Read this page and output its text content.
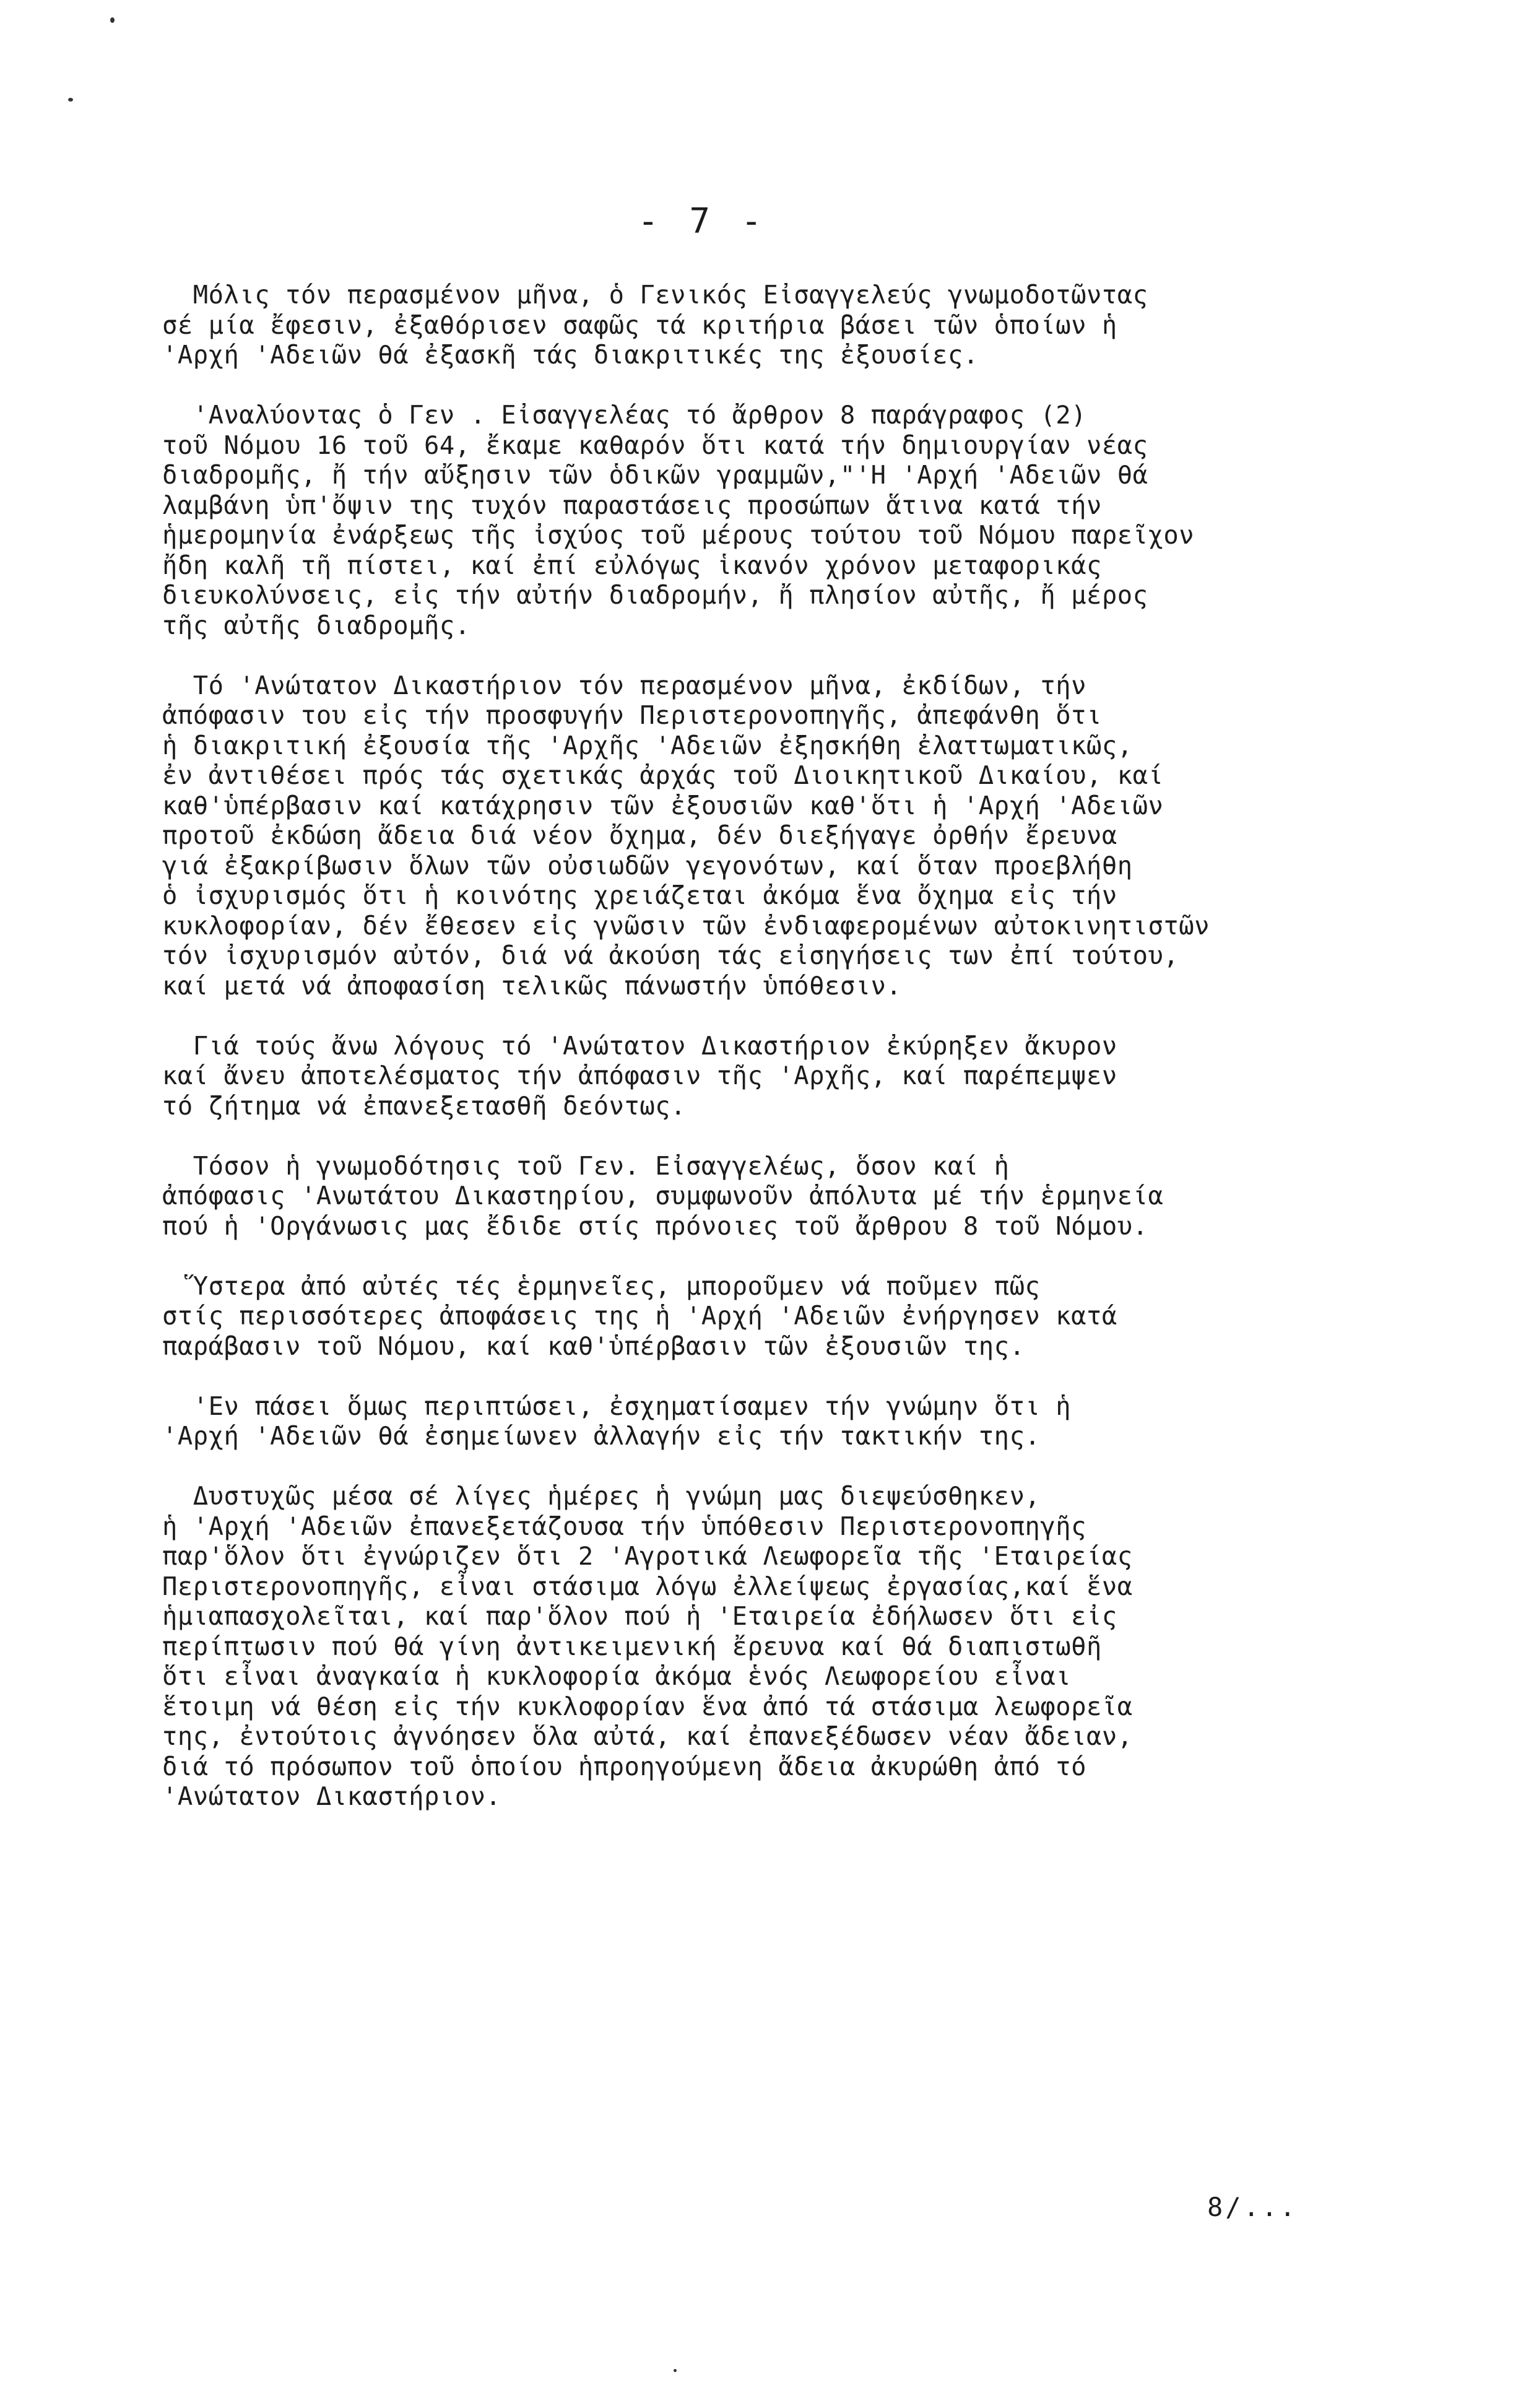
- 7 -

Μόλις τόν περασμένον μῆνα, ὁ Γενικός Εἰσαγγελεύς γνωμοδοτῶντας
σέ μία ἔφεσιν, ἐξαθόρισεν σαφῶς τά κριτήρια βάσει τῶν ὁποίων ἡ
'Αρχή 'Αδειῶν θά ἐξασκῆ τάς διακριτικές της ἐξουσίες.

'Αναλύοντας ὁ Γεν . Εἰσαγγελέας τό ἄρθρον 8 παράγραφος (2)
τοῦ Νόμου 16 τοῦ 64, ἔκαμε καθαρόν ὅτι κατά τήν δημιουργίαν νέας
διαδρομῆς, ἤ τήν αὔξησιν τῶν ὁδικῶν γραμμῶν,"'Η 'Αρχή 'Αδειῶν θά
λαμβάνη ὑπ'ὄψιν της τυχόν παραστάσεις προσώπων ἅτινα κατά τήν
ἡμερομηνία ἐνάρξεως τῆς ἰσχύος τοῦ μέρους τούτου τοῦ Νόμου παρεῖχον
ἤδη καλῆ τῆ πίστει, καί ἐπί εὐλόγως ἱκανόν χρόνον μεταφορικάς
διευκολύνσεις, εἰς τήν αὐτήν διαδρομήν, ἤ πλησίον αὐτῆς, ἤ μέρος
τῆς αὐτῆς διαδρομῆς.

Τό 'Ανώτατον Δικαστήριον τόν περασμένον μῆνα, ἐκδίδων, τήν
ἀπόφασιν του εἰς τήν προσφυγήν Περιστερονοπηγῆς, ἀπεφάνθη ὅτι
ἡ διακριτική ἐξουσία τῆς 'Αρχῆς 'Αδειῶν ἐξησκήθη ἐλαττωματικῶς,
ἐν ἀντιθέσει πρός τάς σχετικάς ἀρχάς τοῦ Διοικητικοῦ Δικαίου, καί
καθ'ὑπέρβασιν καί κατάχρησιν τῶν ἐξουσιῶν καθ'ὅτι ἡ 'Αρχή 'Αδειῶν
προτοῦ ἐκδώση ἄδεια διά νέον ὄχημα, δέν διεξήγαγε ὀρθήν ἔρευνα
γιά ἐξακρίβωσιν ὅλων τῶν οὐσιωδῶν γεγονότων, καί ὅταν προεβλήθη
ὁ ἰσχυρισμός ὅτι ἡ κοινότης χρειάζεται ἀκόμα ἕνα ὄχημα εἰς τήν
κυκλοφορίαν, δέν ἔθεσεν εἰς γνῶσιν τῶν ἐνδιαφερομένων αὐτοκινητιστῶν
τόν ἰσχυρισμόν αὐτόν, διά νά ἀκούση τάς εἰσηγήσεις των ἐπί τούτου,
καί μετά νά ἀποφασίση τελικῶς πάνωστήν ὑπόθεσιν.

Γιά τούς ἄνω λόγους τό 'Ανώτατον Δικαστήριον ἐκύρηξεν ἄκυρον
καί ἄνευ ἀποτελέσματος τήν ἀπόφασιν τῆς 'Αρχῆς, καί παρέπεμψεν
τό ζήτημα νά ἐπανεξετασθῆ δεόντως.

Τόσον ἡ γνωμοδότησις τοῦ Γεν. Εἰσαγγελέως, ὅσον καί ἡ
ἀπόφασις 'Ανωτάτου Δικαστηρίου, συμφωνοῦν ἀπόλυτα μέ τήν ἑρμηνεία
πού ἡ 'Οργάνωσις μας ἔδιδε στίς πρόνοιες τοῦ ἄρθρου 8 τοῦ Νόμου.

Ὕστερα ἀπό αὐτές τές ἑρμηνεῖες, μποροῦμεν νά ποῦμεν πῶς
στίς περισσότερες ἀποφάσεις της ἡ 'Αρχή 'Αδειῶν ἐνήργησεν κατά
παράβασιν τοῦ Νόμου, καί καθ'ὑπέρβασιν τῶν ἐξουσιῶν της.

'Εν πάσει ὅμως περιπτώσει, ἐσχηματίσαμεν τήν γνώμην ὅτι ἡ
'Αρχή 'Αδειῶν θά ἐσημείωνεν ἀλλαγήν εἰς τήν τακτικήν της.

Δυστυχῶς μέσα σέ λίγες ἡμέρες ἡ γνώμη μας διεψεύσθηκεν,
ἡ 'Αρχή 'Αδειῶν ἐπανεξετάζουσα τήν ὑπόθεσιν Περιστερονοπηγῆς
παρ'ὅλον ὅτι ἐγνώριζεν ὅτι 2 'Αγροτικά Λεωφορεῖα τῆς 'Εταιρείας
Περιστερονοπηγῆς, εἶναι στάσιμα λόγω ἐλλείψεως ἐργασίας,καί ἕνα
ἡμιαπασχολεῖται, καί παρ'ὅλον πού ἡ 'Εταιρεία ἐδήλωσεν ὅτι εἰς
περίπτωσιν πού θά γίνη ἀντικειμενική ἔρευνα καί θά διαπιστωθῆ
ὅτι εἶναι ἀναγκαία ἡ κυκλοφορία ἀκόμα ἑνός Λεωφορείου εἶναι
ἕτοιμη νά θέση εἰς τήν κυκλοφορίαν ἕνα ἀπό τά στάσιμα λεωφορεῖα
της, ἐντούτοις ἀγνόησεν ὅλα αὐτά, καί ἐπανεξέδωσεν νέαν ἄδειαν,
διά τό πρόσωπον τοῦ ὁποίου ἡπροηγούμενη ἄδεια ἀκυρώθη ἀπό τό
'Ανώτατον Δικαστήριον.

8/...
